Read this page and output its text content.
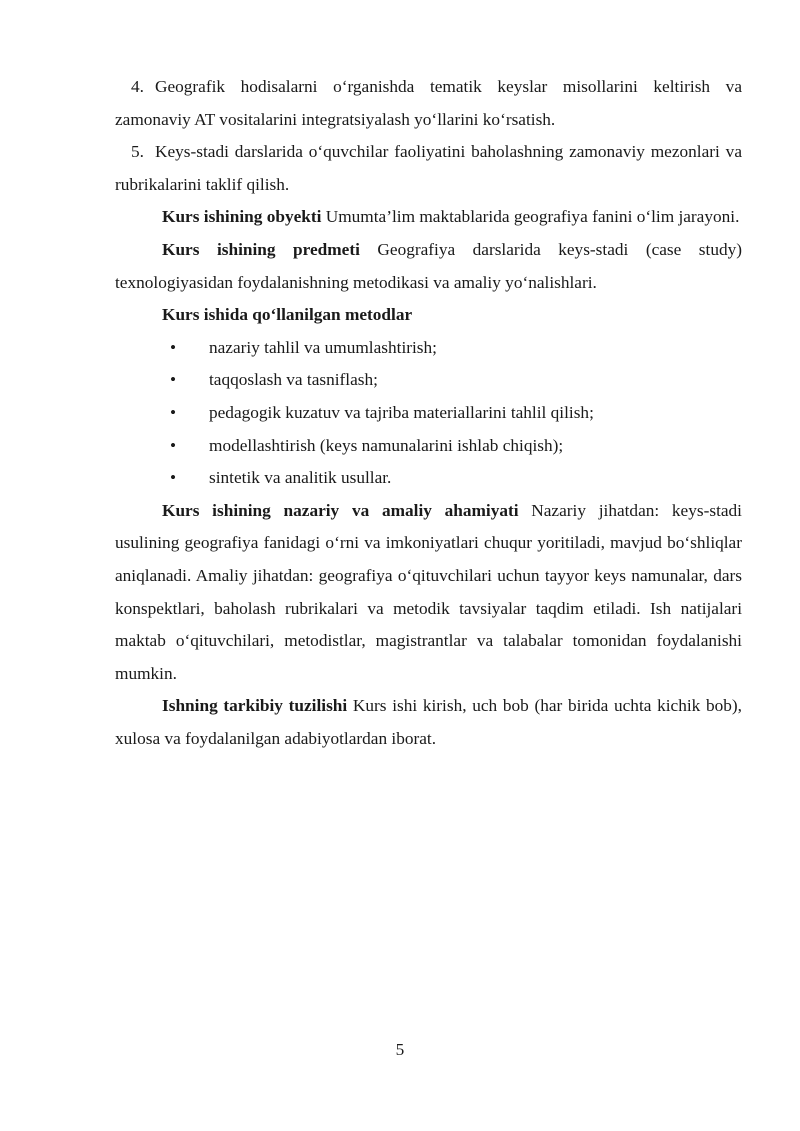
4. Geografik hodisalarni o‘rganishda tematik keyslar misollarini keltirish va zamonaviy AT vositalarini integratsiyalash yo‘llarini ko‘rsatish.

5. Keys-stadi darslarida o‘quvchilar faoliyatini baholashning zamonaviy mezonlari va rubrikalarini taklif qilish.

Kurs ishining obyekti Umumta’lim maktablarida geografiya fanini o‘lim jarayoni.

Kurs ishining predmeti Geografiya darslarida keys-stadi (case study) texnologiyasidan foydalanishning metodikasi va amaliy yo‘nalishlari.

Kurs ishida qo‘llanilgan metodlar

• nazariy tahlil va umumlashtirish;
• taqqoslash va tasniflash;
• pedagogik kuzatuv va tajriba materiallarini tahlil qilish;
• modellashtirish (keys namunalarini ishlab chiqish);
• sintetik va analitik usullar.

Kurs ishining nazariy va amaliy ahamiyati Nazariy jihatdan: keys-stadi usulining geografiya fanidagi o‘rni va imkoniyatlari chuqur yoritiladi, mavjud bo‘shliqlar aniqlanadi. Amaliy jihatdan: geografiya o‘qituvchilari uchun tayyor keys namunalar, dars konspektlari, baholash rubrikalari va metodik tavsiyalar taqdim etiladi. Ish natijalari maktab o‘qituvchilari, metodistlar, magistrantlar va talabalar tomonidan foydalanishi mumkin.

Ishning tarkibiy tuzilishi Kurs ishi kirish, uch bob (har birida uchta kichik bob), xulosa va foydalanilgan adabiyotlardan iborat.

5
